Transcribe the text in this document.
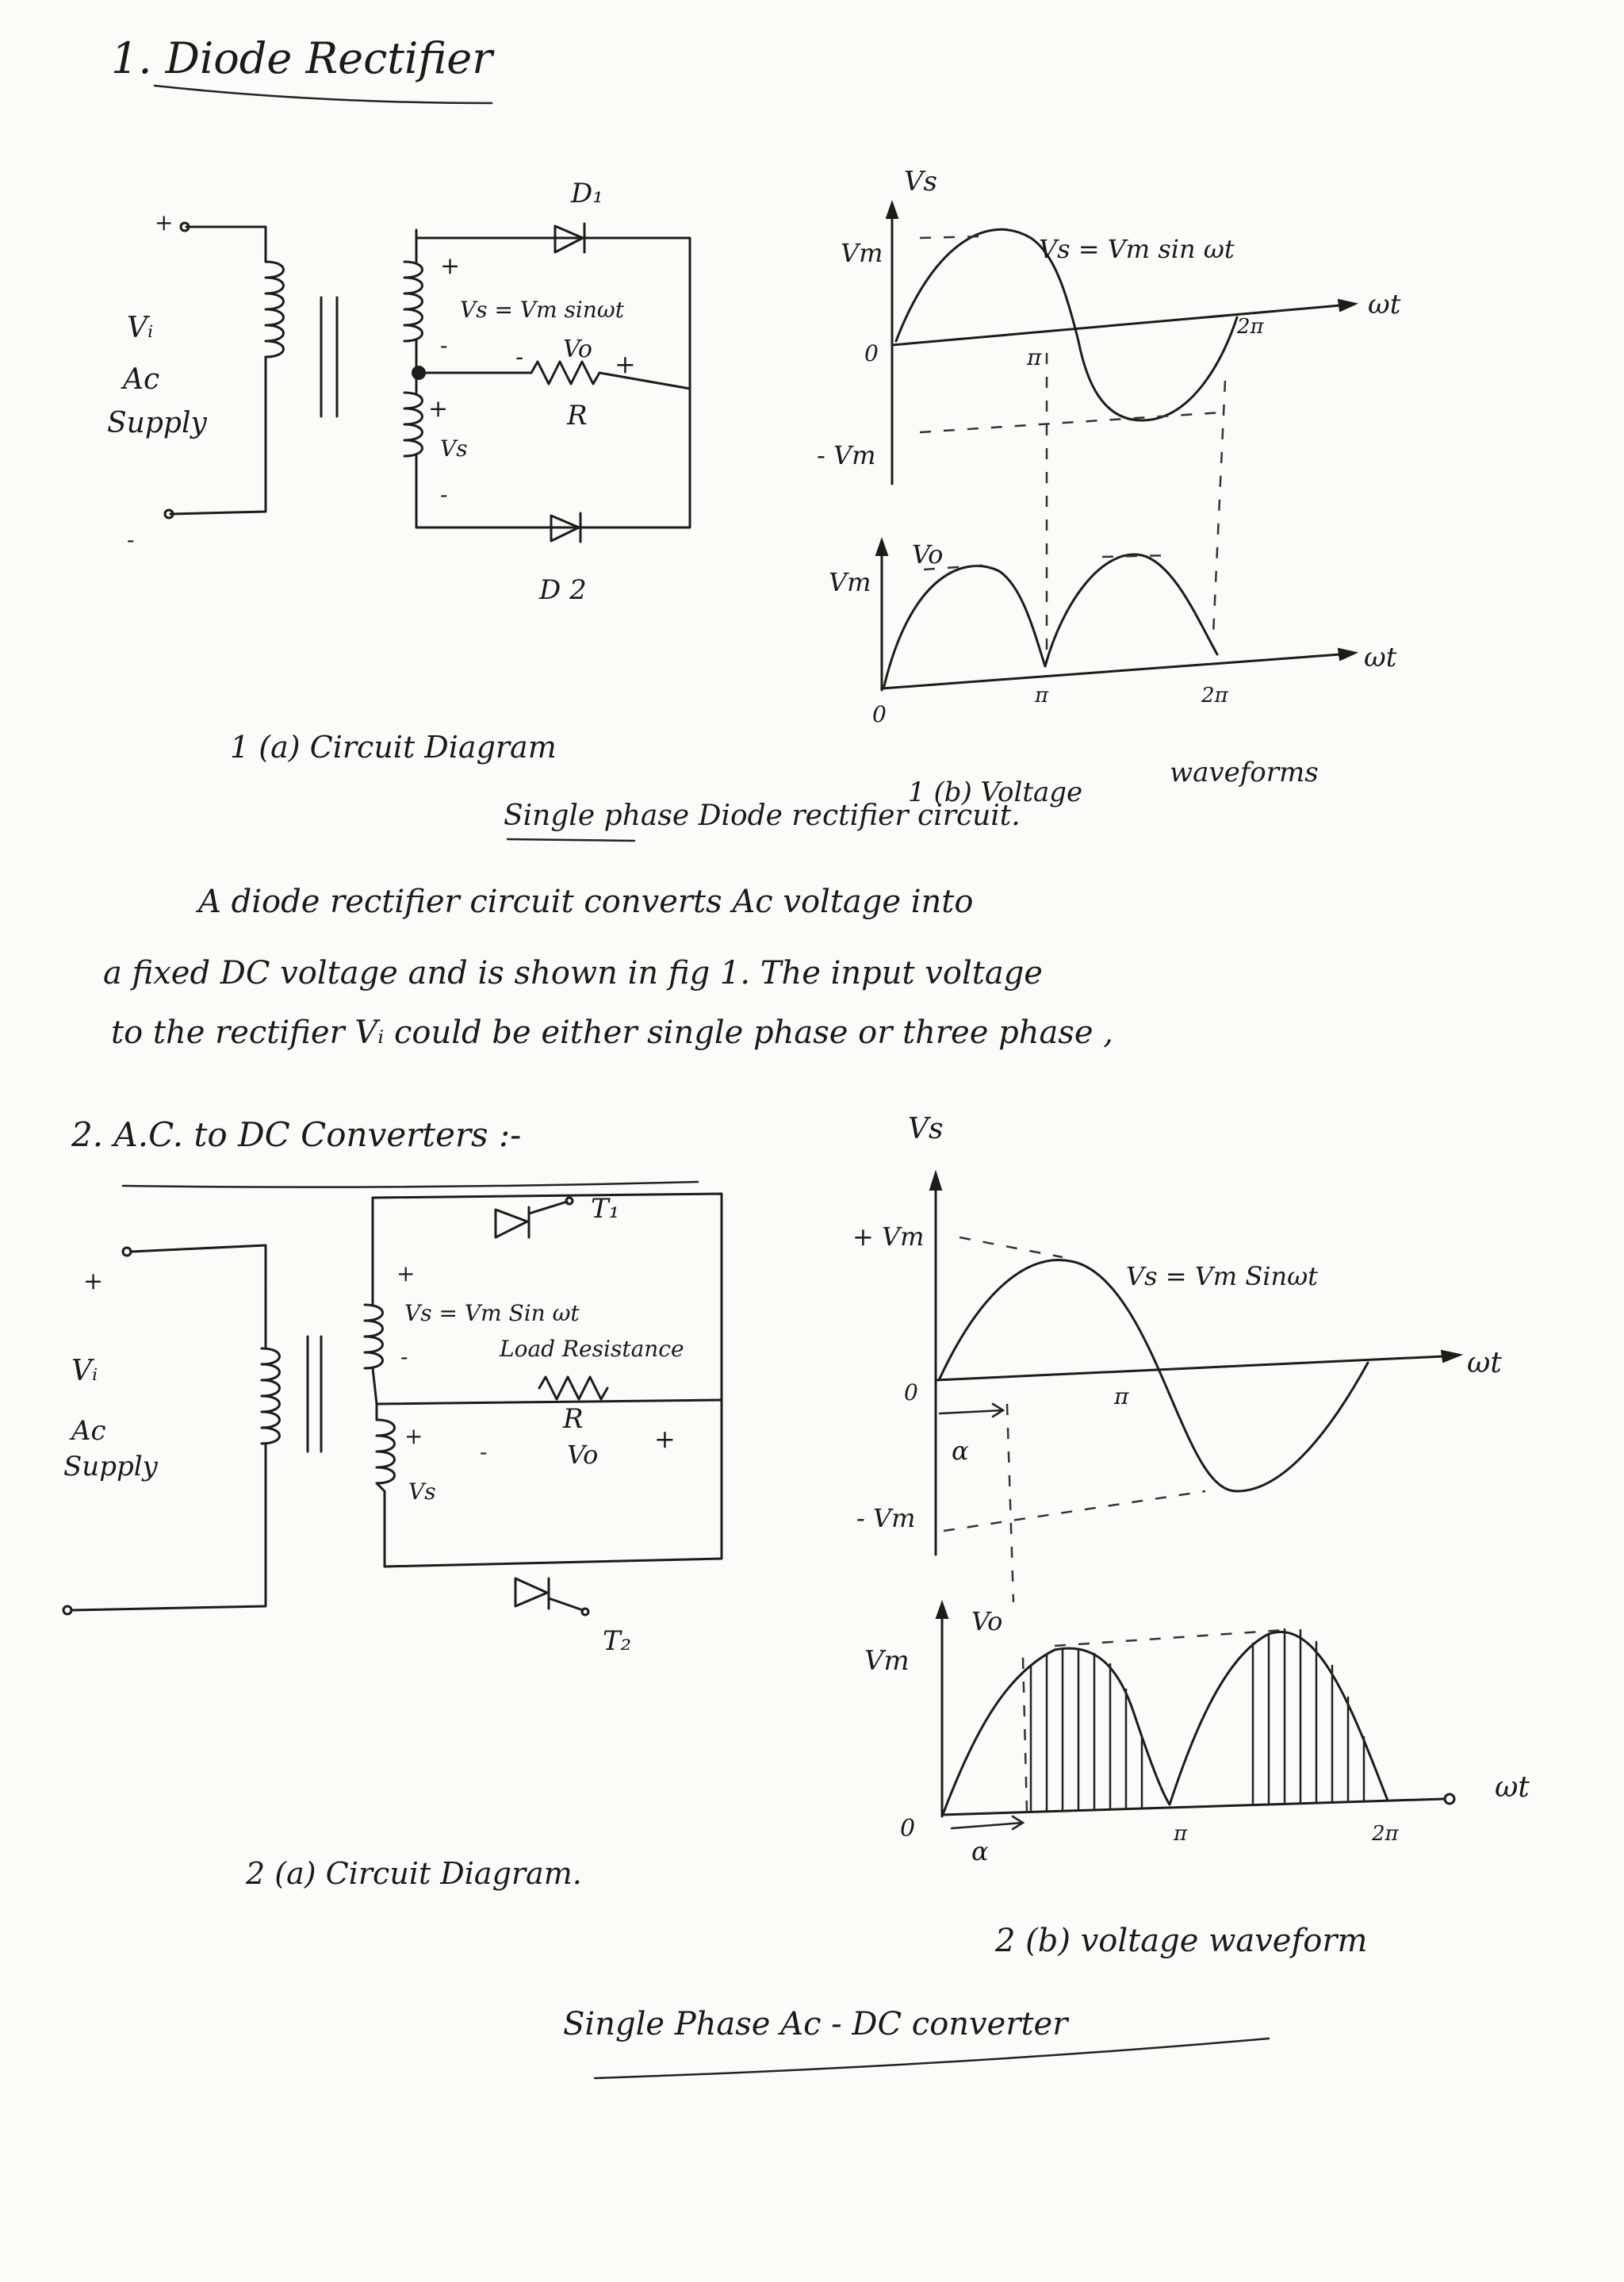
1. Diode Rectifier
D₁
D 2
+
Vs = Vm sinωt
Vo
-	+
+	R
Vs
-
-
+
Vᵢ
Ac
Supply
-
Vs
Vm
0
- Vm
Vs = Vm sin ωt
π
2π
ωt
Vo
Vm
0
π	2π
ωt
1 (a) Circuit Diagram
1 (b) Voltage
waveforms
Single phase Diode rectifier circuit.
A diode rectifier circuit converts Ac voltage into
a fixed DC voltage and is shown in fig 1. The input voltage
to the rectifier Vᵢ could be either single phase or three phase ,
2. A.C. to DC Converters :-
T₁
T₂
+
Vs = Vm Sin ωt
-	Load Resistance
R
Vo
+
-	+
Vs
+
Vᵢ
Ac
Supply
Vs
+ Vm
0
- Vm
Vs = Vm Sinωt
π
α
ωt
Vo
Vm
0
α
π	2π
ωt
2 (a) Circuit Diagram.
2 (b) voltage waveform
Single Phase Ac - DC converter
